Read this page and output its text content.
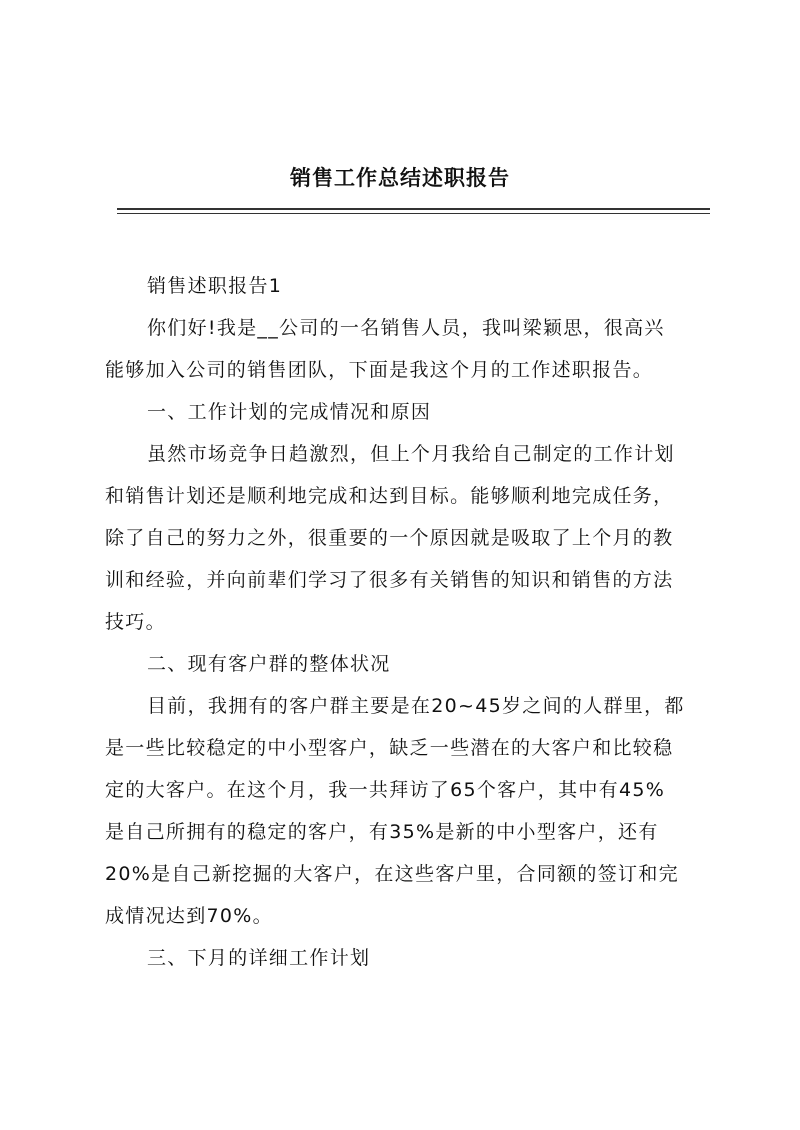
销售工作总结述职报告

销售述职报告1

你们好!我是__公司的一名销售人员，我叫梁颖思，很高兴
能够加入公司的销售团队，下面是我这个月的工作述职报告。

一、工作计划的完成情况和原因

虽然市场竞争日趋激烈，但上个月我给自己制定的工作计划
和销售计划还是顺利地完成和达到目标。能够顺利地完成任务，
除了自己的努力之外，很重要的一个原因就是吸取了上个月的教
训和经验，并向前辈们学习了很多有关销售的知识和销售的方法
技巧。

二、现有客户群的整体状况

目前，我拥有的客户群主要是在20~45岁之间的人群里，都
是一些比较稳定的中小型客户，缺乏一些潜在的大客户和比较稳
定的大客户。在这个月，我一共拜访了65个客户，其中有45%
是自己所拥有的稳定的客户，有35%是新的中小型客户，还有
20%是自己新挖掘的大客户，在这些客户里，合同额的签订和完
成情况达到70%。

三、下月的详细工作计划
